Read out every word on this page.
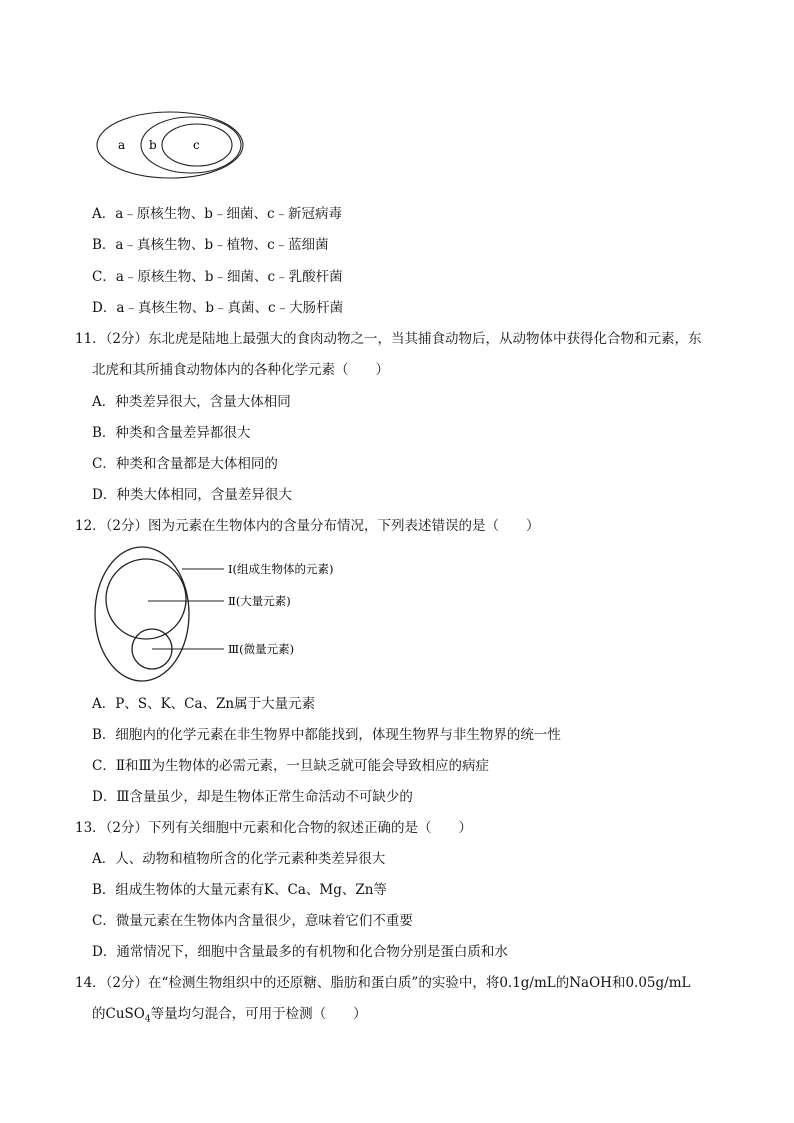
a b	c
A．a﹣原核生物、b﹣细菌、c﹣新冠病毒
B．a﹣真核生物、b﹣植物、c﹣蓝细菌
C．a﹣原核生物、b﹣细菌、c﹣乳酸杆菌
D．a﹣真核生物、b﹣真菌、c﹣大肠杆菌
11．（2分）东北虎是陆地上最强大的食肉动物之一，当其捕食动物后，从动物体中获得化合物和元素，东
北虎和其所捕食动物体内的各种化学元素（　　）
A．种类差异很大，含量大体相同
B．种类和含量差异都很大
C．种类和含量都是大体相同的
D．种类大体相同，含量差异很大
12．（2分）图为元素在生物体内的含量分布情况，下列表述错误的是（　　）
Ⅰ(组成生物体的元素)
Ⅱ(大量元素)
Ⅲ(微量元素)
A．P、S、K、Ca、Zn属于大量元素
B．细胞内的化学元素在非生物界中都能找到，体现生物界与非生物界的统一性
C．Ⅱ和Ⅲ为生物体的必需元素，一旦缺乏就可能会导致相应的病症
D．Ⅲ含量虽少，却是生物体正常生命活动不可缺少的
13．（2分）下列有关细胞中元素和化合物的叙述正确的是（　　）
A．人、动物和植物所含的化学元素种类差异很大
B．组成生物体的大量元素有K、Ca、Mg、Zn等
C．微量元素在生物体内含量很少，意味着它们不重要
D．通常情况下，细胞中含量最多的有机物和化合物分别是蛋白质和水
14．（2分）在“检测生物组织中的还原糖、脂肪和蛋白质”的实验中，将0.1g/mL的NaOH和0.05g/mL
的CuSO$_4$等量均匀混合，可用于检测（　　）
